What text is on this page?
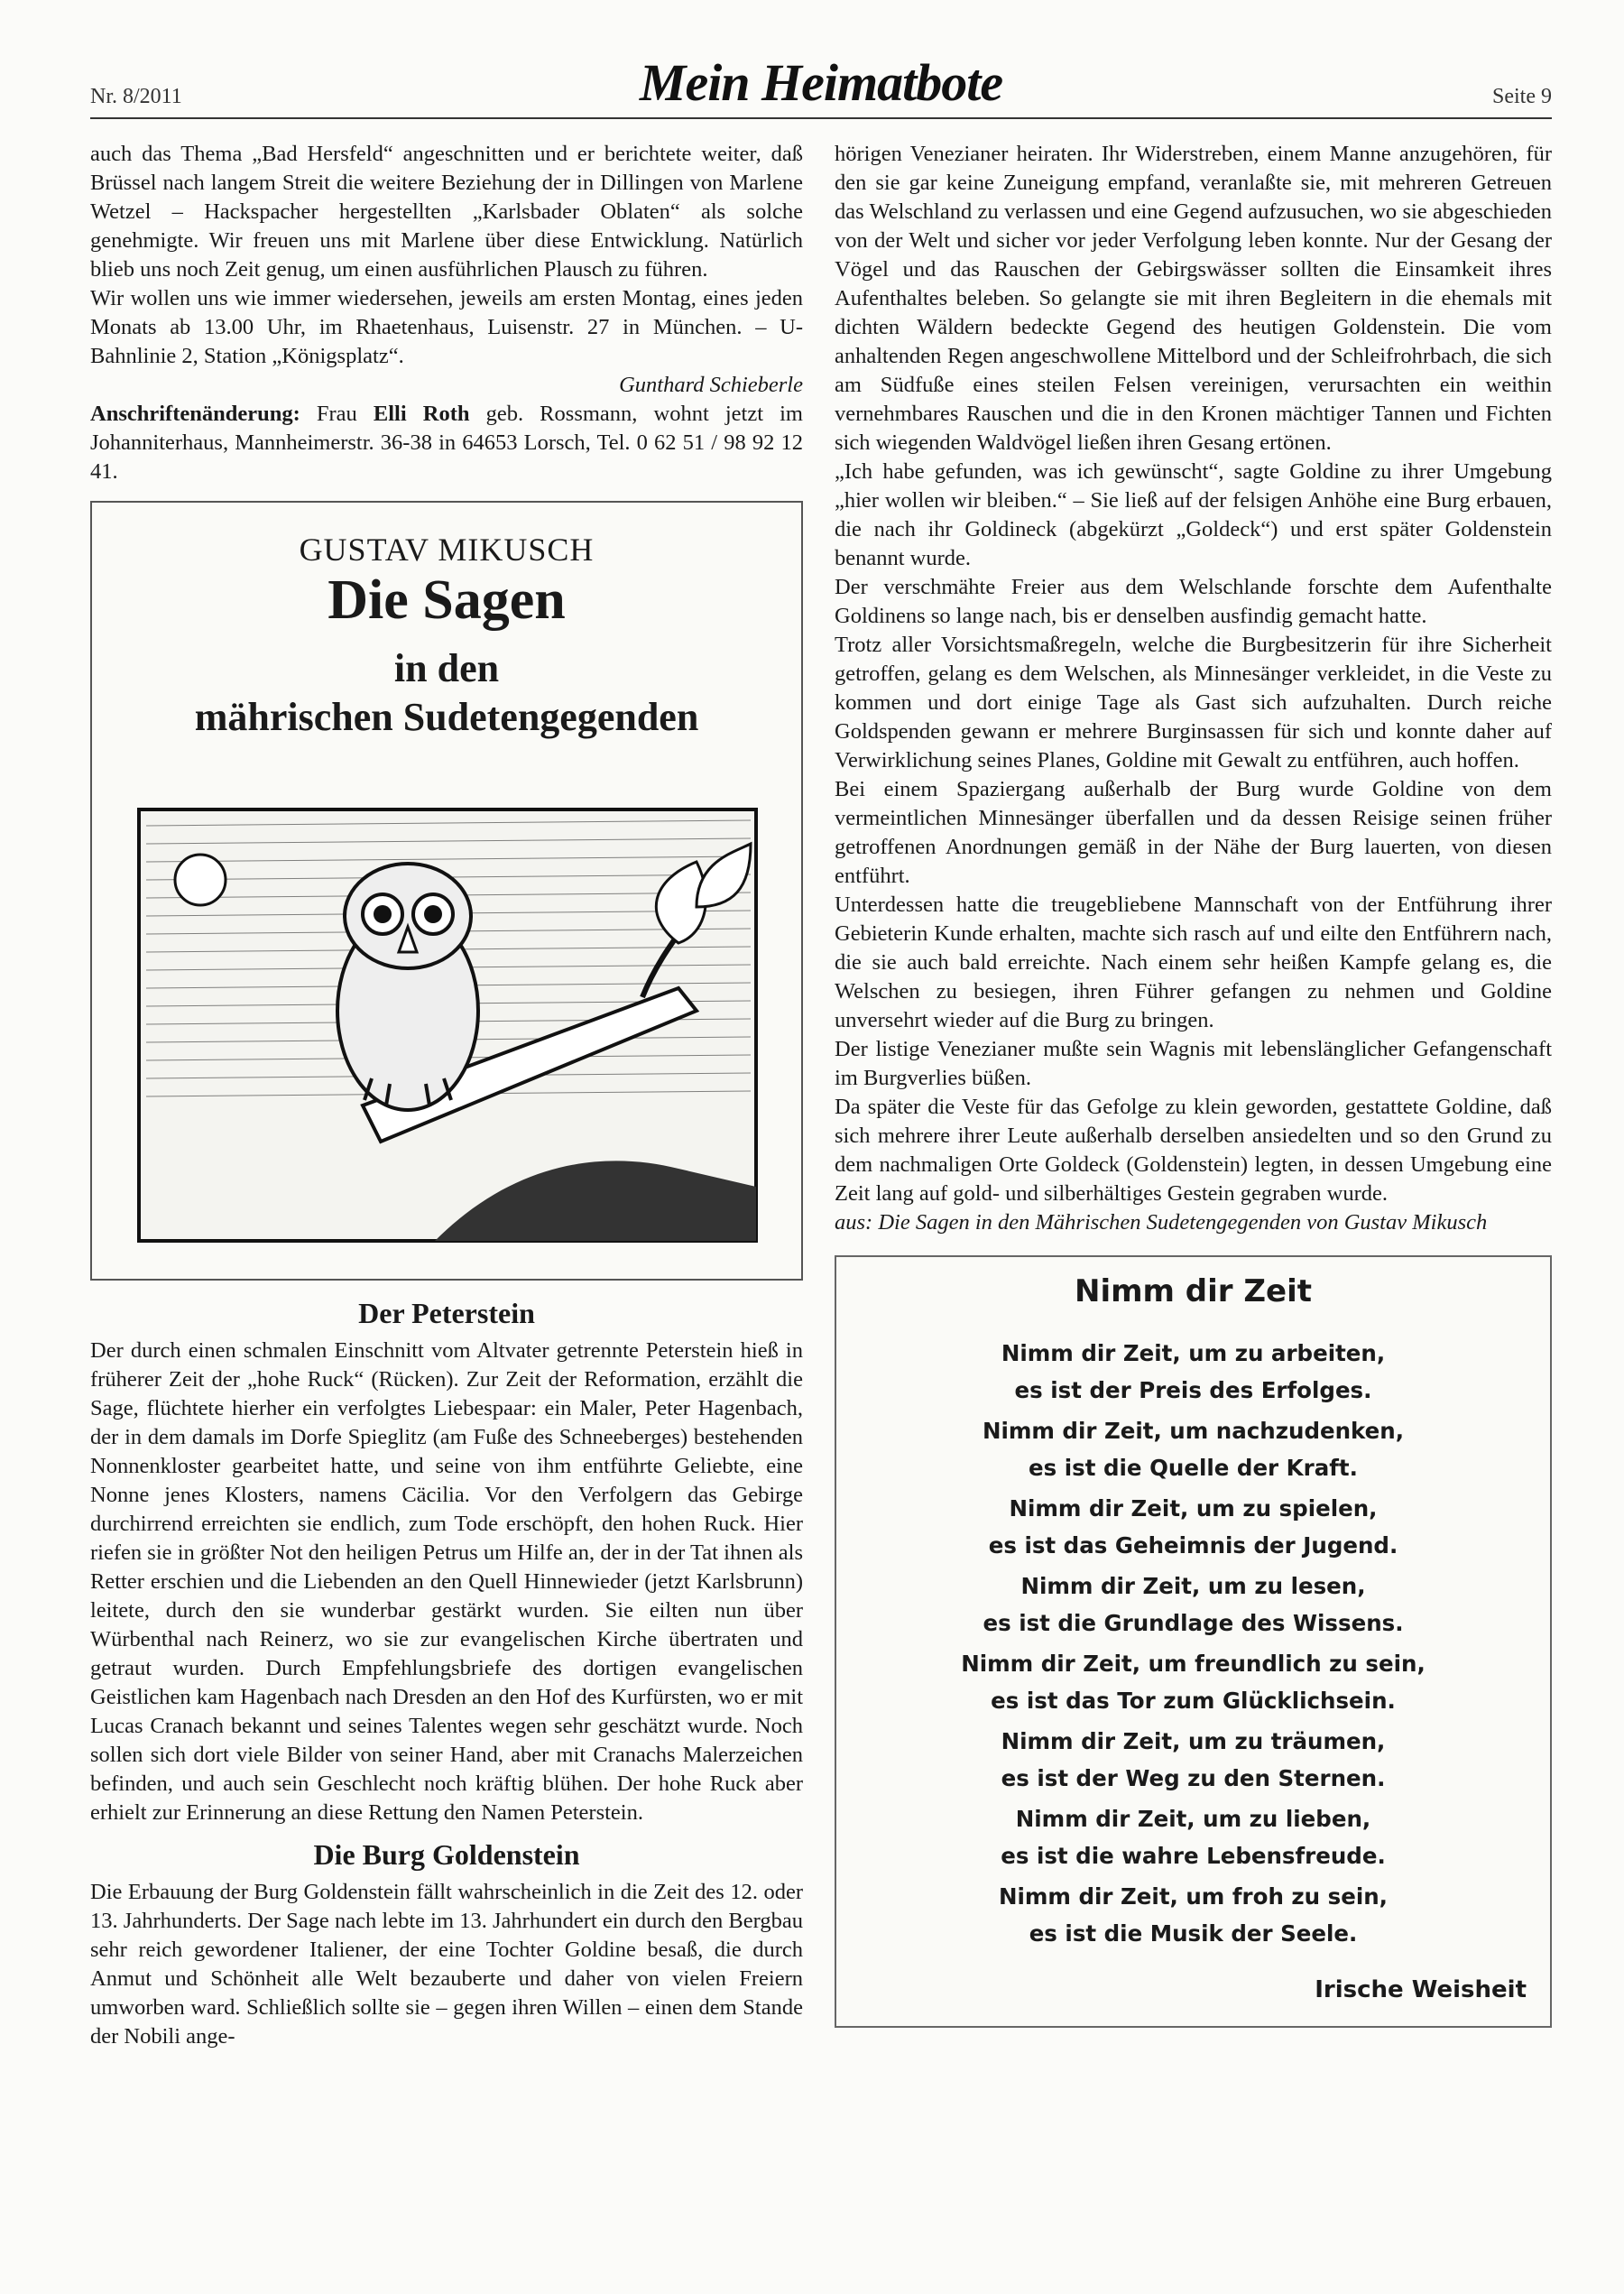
Nr. 8/2011	Mein Heimatbote	Seite 9

auch das Thema „Bad Hersfeld“ angeschnitten und er berichtete weiter, daß Brüssel nach langem Streit die weitere Beziehung der in Dillingen von Marlene Wetzel – Hackspacher hergestellten „Karlsbader Oblaten“ als solche genehmigte. Wir freuen uns mit Marlene über diese Entwicklung. Natürlich blieb uns noch Zeit genug, um einen ausführlichen Plausch zu führen.

Wir wollen uns wie immer wiedersehen, jeweils am ersten Montag, eines jeden Monats ab 13.00 Uhr, im Rhaetenhaus, Luisenstr. 27 in München. – U-Bahnlinie 2, Station „Königsplatz“.

Gunthard Schieberle

Anschriftenänderung: Frau Elli Roth geb. Rossmann, wohnt jetzt im Johanniterhaus, Mannheimerstr. 36-38 in 64653 Lorsch, Tel. 0 62 51 / 98 92 12 41.

GUSTAV MIKUSCH
Die Sagen
in den
mährischen Sudetengegenden
Der Peterstein

Der durch einen schmalen Einschnitt vom Altvater getrennte Peterstein hieß in früherer Zeit der „hohe Ruck“ (Rücken). Zur Zeit der Reformation, erzählt die Sage, flüchtete hierher ein verfolgtes Liebespaar: ein Maler, Peter Hagenbach, der in dem damals im Dorfe Spieglitz (am Fuße des Schneeberges) bestehenden Nonnenkloster gearbeitet hatte, und seine von ihm entführte Geliebte, eine Nonne jenes Klosters, namens Cäcilia. Vor den Verfolgern das Gebirge durchirrend erreichten sie endlich, zum Tode erschöpft, den hohen Ruck. Hier riefen sie in größter Not den heiligen Petrus um Hilfe an, der in der Tat ihnen als Retter erschien und die Liebenden an den Quell Hinnewieder (jetzt Karlsbrunn) leitete, durch den sie wunderbar gestärkt wurden. Sie eilten nun über Würbenthal nach Reinerz, wo sie zur evangelischen Kirche übertraten und getraut wurden. Durch Empfehlungsbriefe des dortigen evangelischen Geistlichen kam Hagenbach nach Dresden an den Hof des Kurfürsten, wo er mit Lucas Cranach bekannt und seines Talentes wegen sehr geschätzt wurde. Noch sollen sich dort viele Bilder von seiner Hand, aber mit Cranachs Malerzeichen befinden, und auch sein Geschlecht noch kräftig blühen. Der hohe Ruck aber erhielt zur Erinnerung an diese Rettung den Namen Peterstein.

Die Burg Goldenstein

Die Erbauung der Burg Goldenstein fällt wahrscheinlich in die Zeit des 12. oder 13. Jahrhunderts. Der Sage nach lebte im 13. Jahrhundert ein durch den Bergbau sehr reich gewordener Italiener, der eine Tochter Goldine besaß, die durch Anmut und Schönheit alle Welt bezauberte und daher von vielen Freiern umworben ward. Schließlich sollte sie – gegen ihren Willen – einen dem Stande der Nobili ange-

hörigen Venezianer heiraten. Ihr Widerstreben, einem Manne anzugehören, für den sie gar keine Zuneigung empfand, veranlaßte sie, mit mehreren Getreuen das Welschland zu verlassen und eine Gegend aufzusuchen, wo sie abgeschieden von der Welt und sicher vor jeder Verfolgung leben konnte. Nur der Gesang der Vögel und das Rauschen der Gebirgswässer sollten die Einsamkeit ihres Aufenthaltes beleben. So gelangte sie mit ihren Begleitern in die ehemals mit dichten Wäldern bedeckte Gegend des heutigen Goldenstein. Die vom anhaltenden Regen angeschwollene Mittelbord und der Schleifrohrbach, die sich am Südfuße eines steilen Felsen vereinigen, verursachten ein weithin vernehmbares Rauschen und die in den Kronen mächtiger Tannen und Fichten sich wiegenden Waldvögel ließen ihren Gesang ertönen.

„Ich habe gefunden, was ich gewünscht“, sagte Goldine zu ihrer Umgebung „hier wollen wir bleiben.“ – Sie ließ auf der felsigen Anhöhe eine Burg erbauen, die nach ihr Goldineck (abgekürzt „Goldeck“) und erst später Goldenstein benannt wurde.

Der verschmähte Freier aus dem Welschlande forschte dem Aufenthalte Goldinens so lange nach, bis er denselben ausfindig gemacht hatte.

Trotz aller Vorsichtsmaßregeln, welche die Burgbesitzerin für ihre Sicherheit getroffen, gelang es dem Welschen, als Minnesänger verkleidet, in die Veste zu kommen und dort einige Tage als Gast sich aufzuhalten. Durch reiche Goldspenden gewann er mehrere Burginsassen für sich und konnte daher auf Verwirklichung seines Planes, Goldine mit Gewalt zu entführen, auch hoffen.

Bei einem Spaziergang außerhalb der Burg wurde Goldine von dem vermeintlichen Minnesänger überfallen und da dessen Reisige seinen früher getroffenen Anordnungen gemäß in der Nähe der Burg lauerten, von diesen entführt.

Unterdessen hatte die treugebliebene Mannschaft von der Entführung ihrer Gebieterin Kunde erhalten, machte sich rasch auf und eilte den Entführern nach, die sie auch bald erreichte. Nach einem sehr heißen Kampfe gelang es, die Welschen zu besiegen, ihren Führer gefangen zu nehmen und Goldine unversehrt wieder auf die Burg zu bringen.

Der listige Venezianer mußte sein Wagnis mit lebenslänglicher Gefangenschaft im Burgverlies büßen.

Da später die Veste für das Gefolge zu klein geworden, gestattete Goldine, daß sich mehrere ihrer Leute außerhalb derselben ansiedelten und so den Grund zu dem nachmaligen Orte Goldeck (Goldenstein) legten, in dessen Umgebung eine Zeit lang auf gold- und silberhältiges Gestein gegraben wurde.

aus: Die Sagen in den Mährischen Sudetengegenden von Gustav Mikusch

Nimm dir Zeit
Nimm dir Zeit, um zu arbeiten,
es ist der Preis des Erfolges.
Nimm dir Zeit, um nachzudenken,
es ist die Quelle der Kraft.
Nimm dir Zeit, um zu spielen,
es ist das Geheimnis der Jugend.
Nimm dir Zeit, um zu lesen,
es ist die Grundlage des Wissens.
Nimm dir Zeit, um freundlich zu sein,
es ist das Tor zum Glücklichsein.
Nimm dir Zeit, um zu träumen,
es ist der Weg zu den Sternen.
Nimm dir Zeit, um zu lieben,
es ist die wahre Lebensfreude.
Nimm dir Zeit, um froh zu sein,
es ist die Musik der Seele.
Irische Weisheit
